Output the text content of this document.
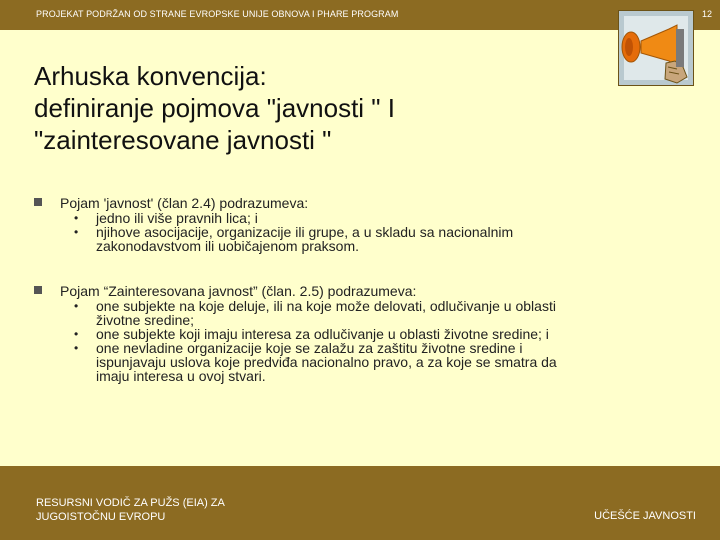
PROJEKAT PODRŽAN OD STRANE EVROPSKE UNIJE OBNOVA I PHARE PROGRAM	12
Arhuska konvencija:
definiranje pojmova "javnosti " I
"zainteresovane javnosti "
Pojam 'javnost' (član 2.4) podrazumeva:
• jedno ili više pravnih lica; i
• njihove asocijacije, organizacije ili grupe, a u skladu sa nacionalnim
zakonodavstvom ili uobičajenom praksom.
Pojam “Zainteresovana javnost” (član. 2.5) podrazumeva:
• one subjekte na koje deluje, ili na koje može delovati, odlučivanje u oblasti
životne sredine;
• one subjekte koji imaju interesa za odlučivanje u oblasti životne sredine; i
• one nevladine organizacije koje se zalažu za zaštitu životne sredine i
ispunjavaju uslova koje predviđa nacionalno pravo, a za koje se smatra da
imaju interesa u ovoj stvari.
RESURSNI VODIČ ZA PUŽS (EIA) ZA
JUGOISTOČNU EVROPU	UČEŠĆE JAVNOSTI
